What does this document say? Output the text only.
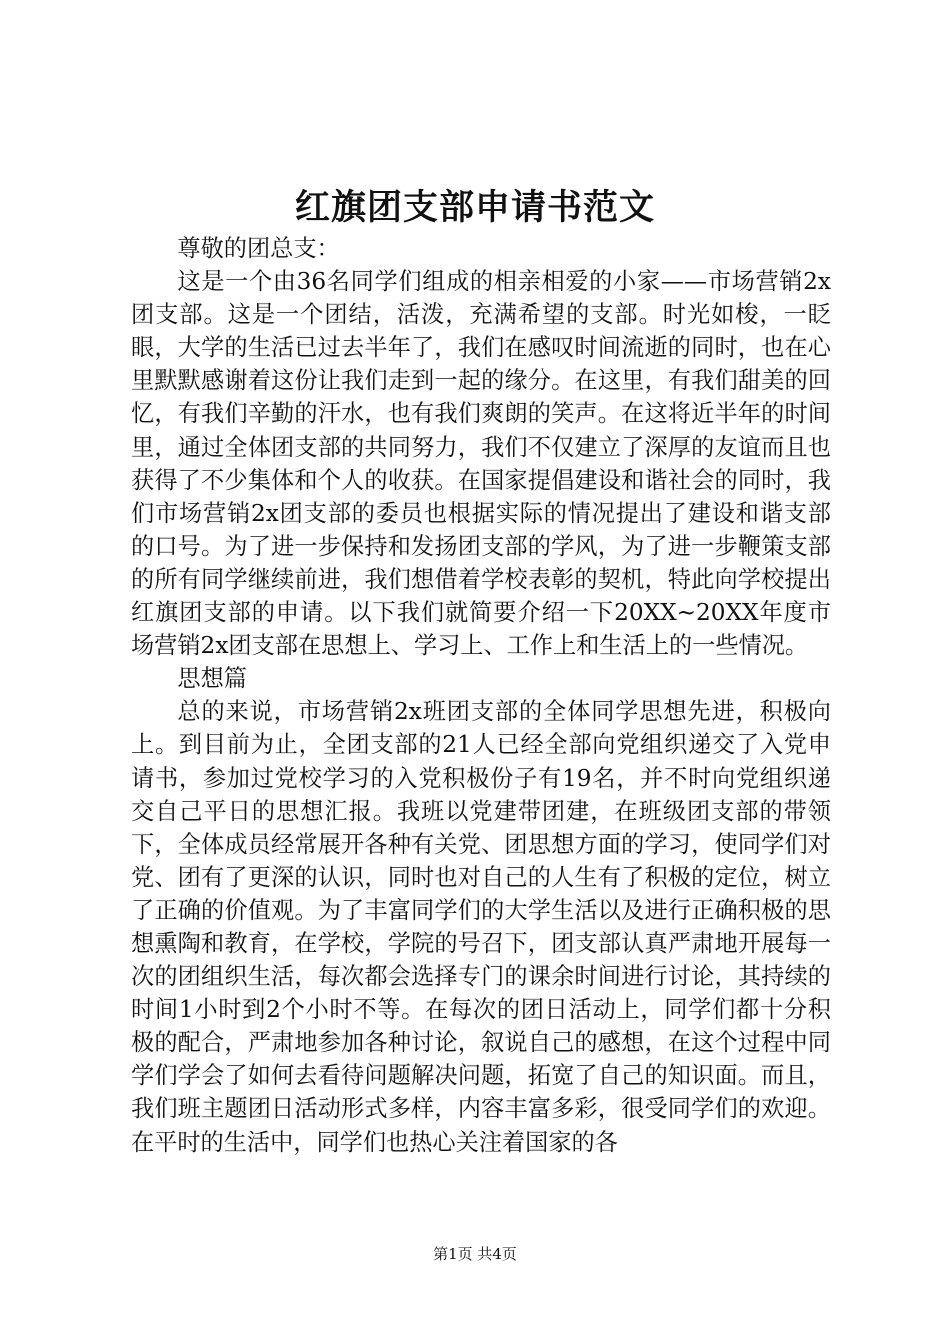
红旗团支部申请书范文

尊敬的团总支：

这是一个由36名同学们组成的相亲相爱的小家——市场营销2x团支部。这是一个团结，活泼，充满希望的支部。时光如梭，一眨眼，大学的生活已过去半年了，我们在感叹时间流逝的同时，也在心里默默感谢着这份让我们走到一起的缘分。在这里，有我们甜美的回忆，有我们辛勤的汗水，也有我们爽朗的笑声。在这将近半年的时间里，通过全体团支部的共同努力，我们不仅建立了深厚的友谊而且也获得了不少集体和个人的收获。在国家提倡建设和谐社会的同时，我们市场营销2x团支部的委员也根据实际的情况提出了建设和谐支部的口号。为了进一步保持和发扬团支部的学风，为了进一步鞭策支部的所有同学继续前进，我们想借着学校表彰的契机，特此向学校提出红旗团支部的申请。以下我们就简要介绍一下20XX~20XX年度市场营销2x团支部在思想上、学习上、工作上和生活上的一些情况。

思想篇

总的来说，市场营销2x班团支部的全体同学思想先进，积极向上。到目前为止，全团支部的21人已经全部向党组织递交了入党申请书，参加过党校学习的入党积极份子有19名，并不时向党组织递交自己平日的思想汇报。我班以党建带团建，在班级团支部的带领下，全体成员经常展开各种有关党、团思想方面的学习，使同学们对党、团有了更深的认识，同时也对自己的人生有了积极的定位，树立了正确的价值观。为了丰富同学们的大学生活以及进行正确积极的思想熏陶和教育，在学校，学院的号召下，团支部认真严肃地开展每一次的团组织生活，每次都会选择专门的课余时间进行讨论，其持续的时间1小时到2个小时不等。在每次的团日活动上，同学们都十分积极的配合，严肃地参加各种讨论，叙说自己的感想，在这个过程中同学们学会了如何去看待问题解决问题，拓宽了自己的知识面。而且，我们班主题团日活动形式多样，内容丰富多彩，很受同学们的欢迎。在平时的生活中，同学们也热心关注着国家的各

第1页 共4页
